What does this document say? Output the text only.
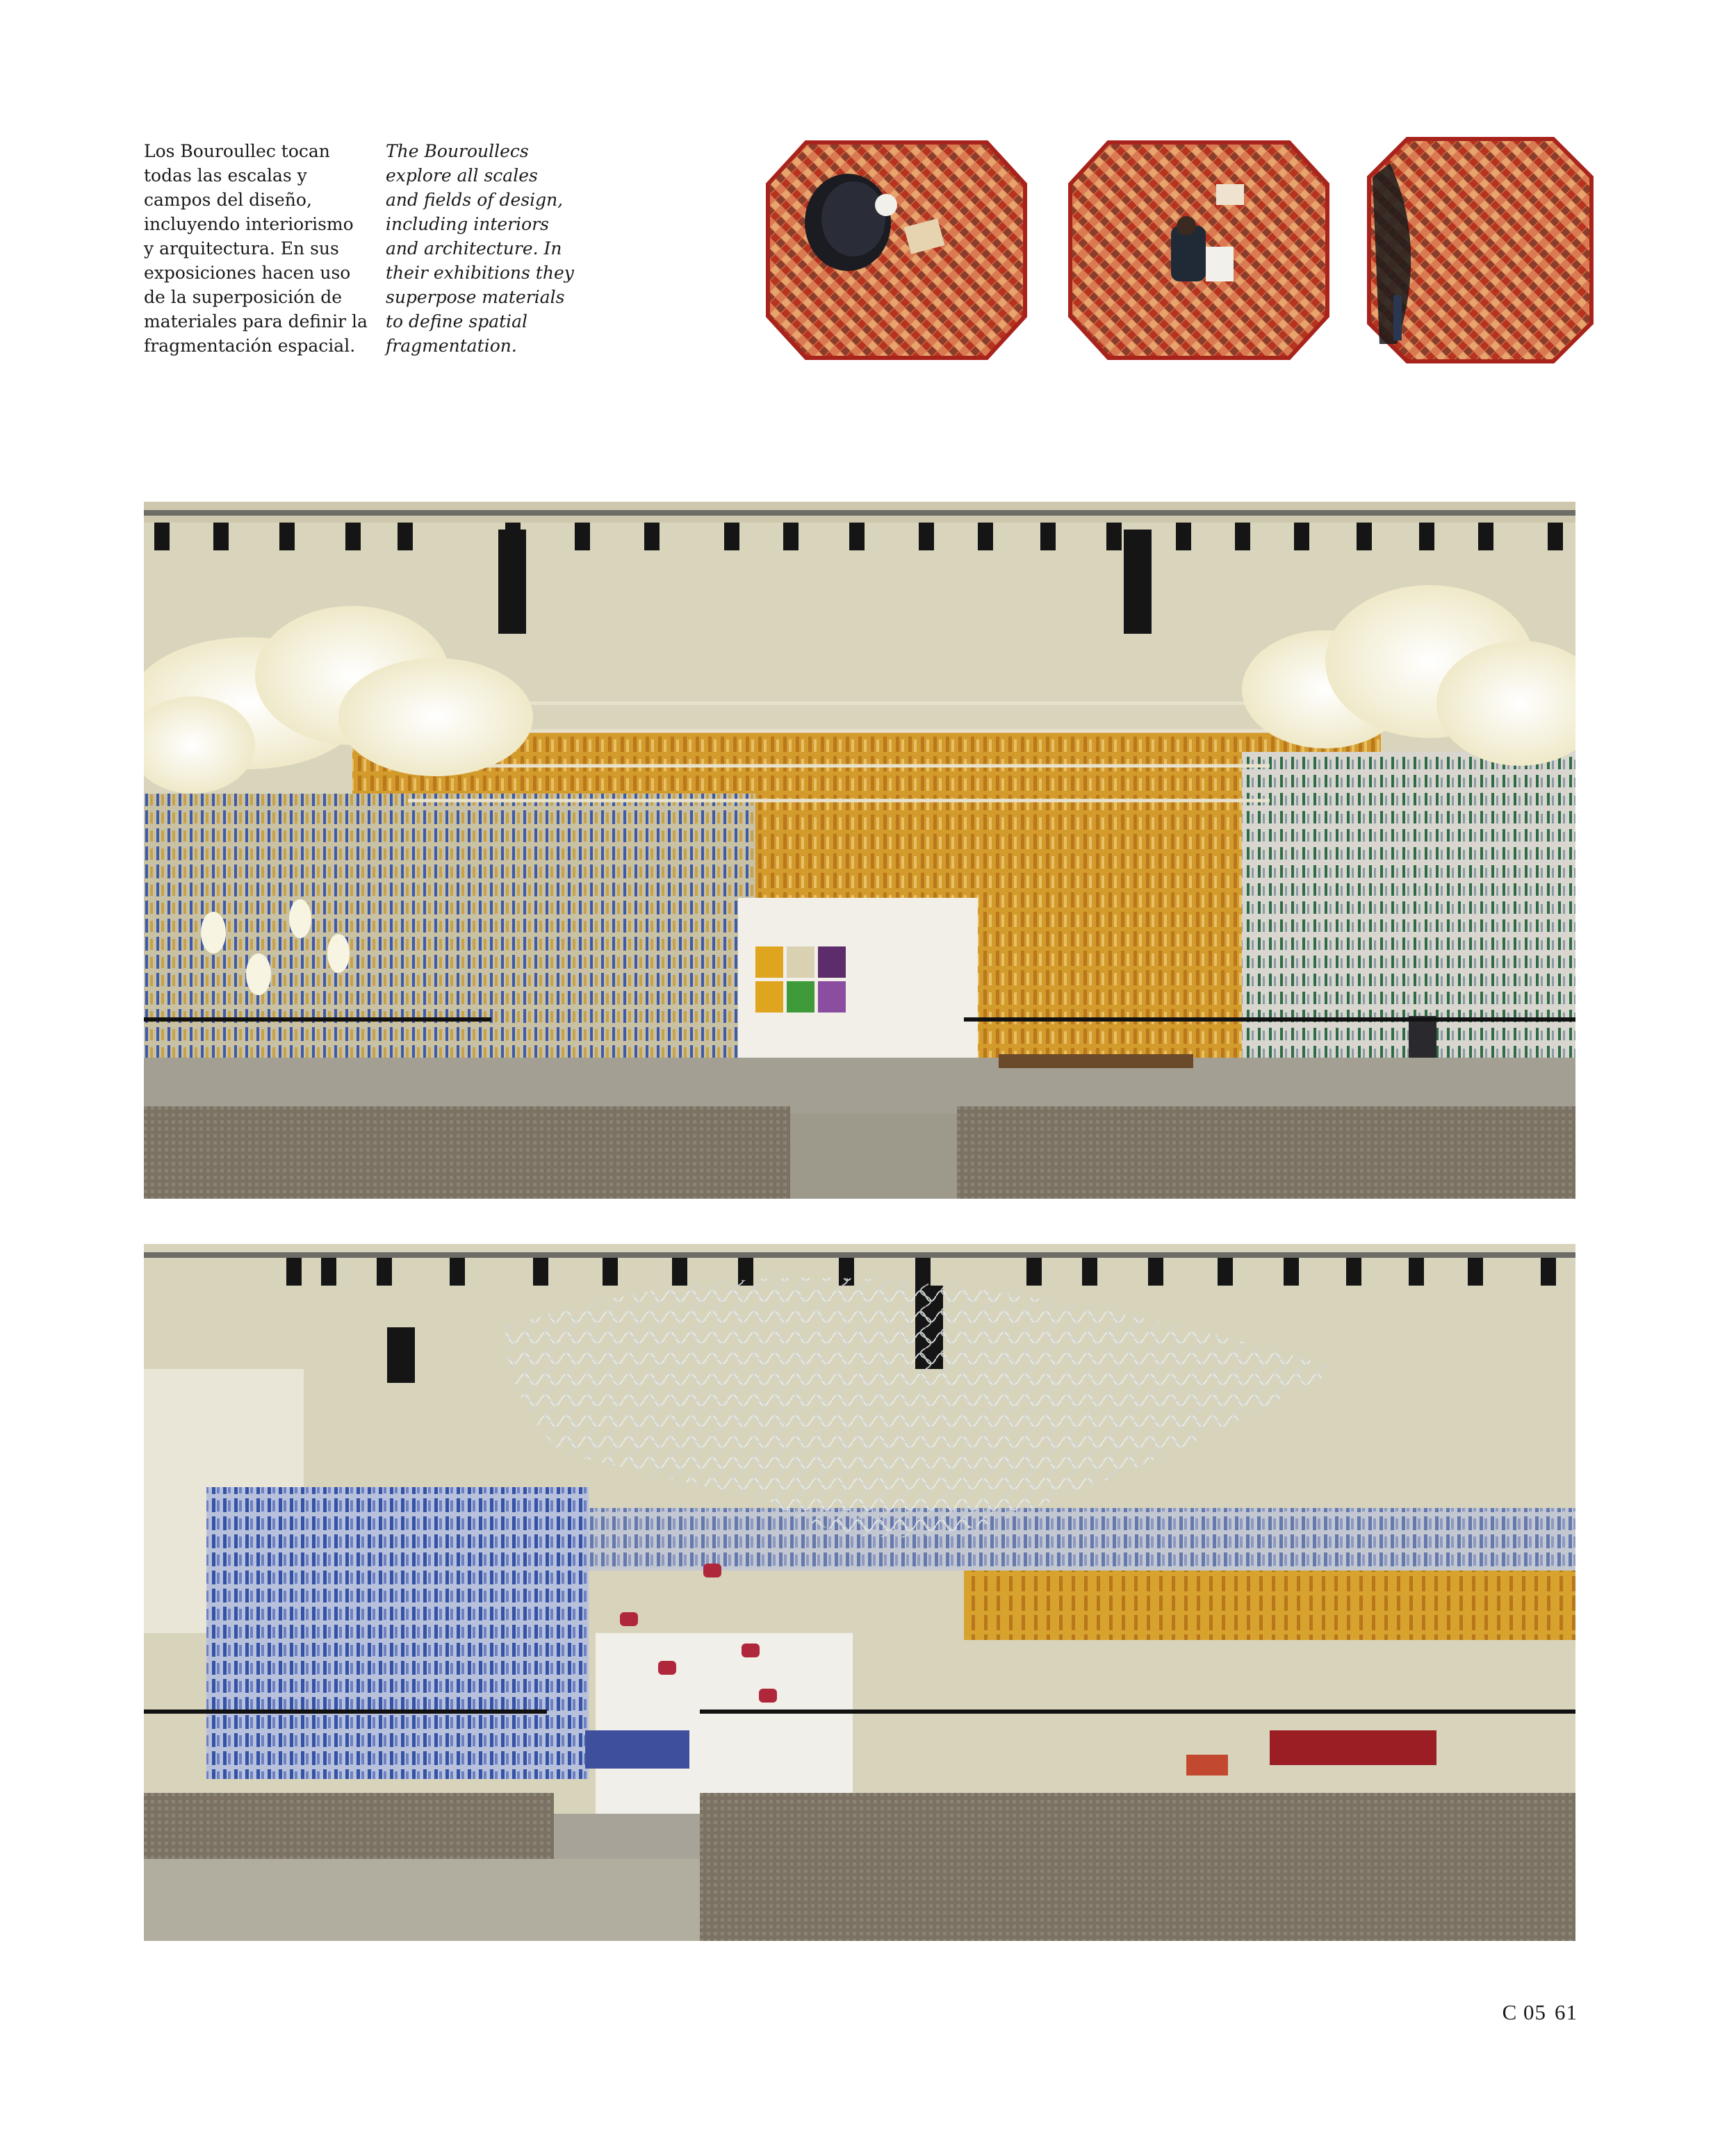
Los Bouroullec tocan
todas las escalas y
campos del diseño,
incluyendo interiorismo
y arquitectura. En sus
exposiciones hacen uso
de la superposición de
materiales para definir la
fragmentación espacial.
The Bouroullecs
explore all scales
and fields of design,
including interiors
and architecture. In
their exhibitions they
superpose materials
to define spatial
fragmentation.
C 05 61
